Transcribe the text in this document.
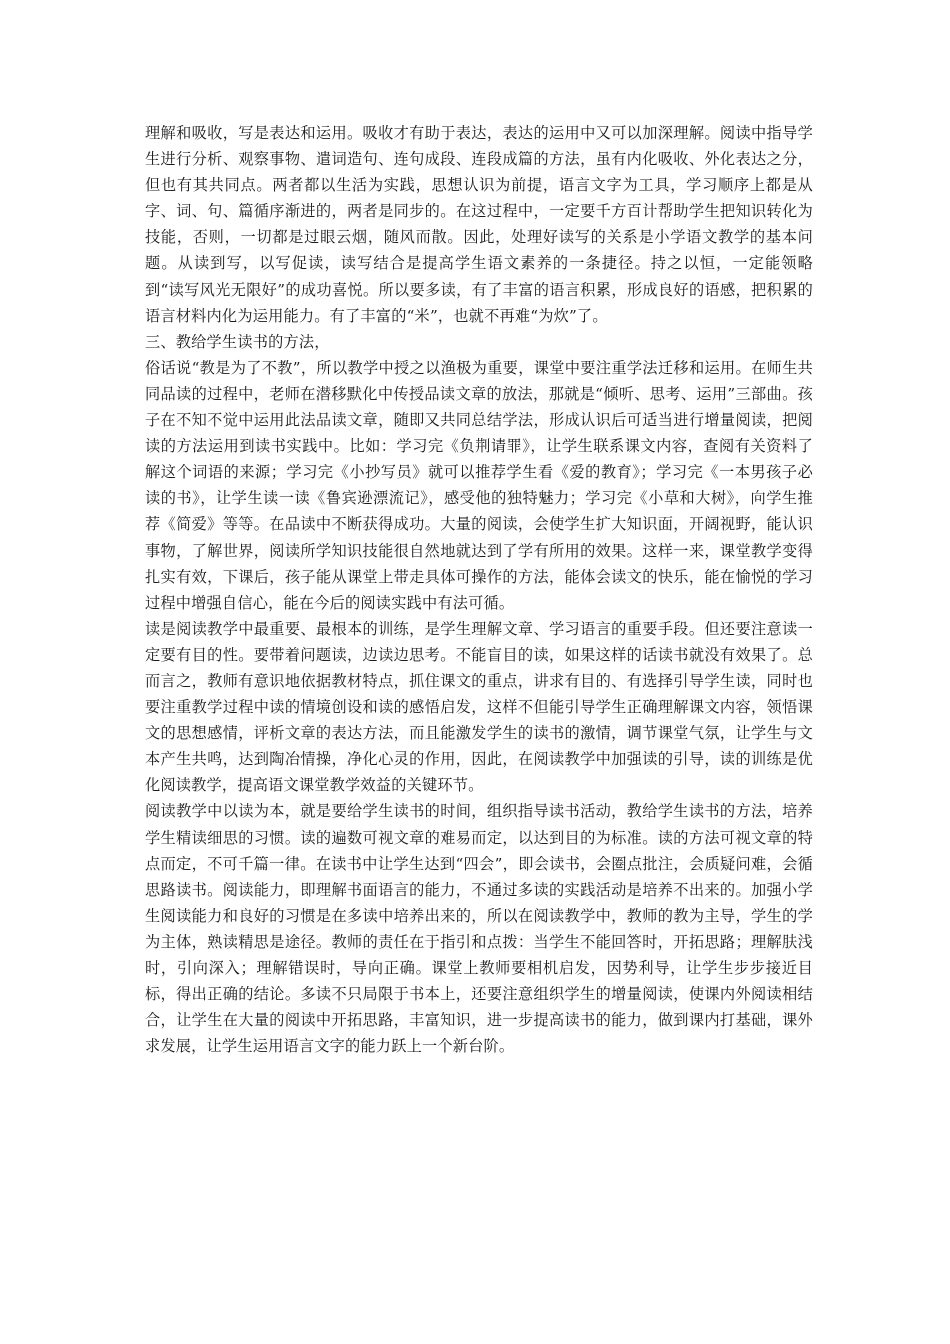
理解和吸收，写是表达和运用。吸收才有助于表达，表达的运用中又可以加深理解。阅读中指导学生进行分析、观察事物、遣词造句、连句成段、连段成篇的方法，虽有内化吸收、外化表达之分，但也有其共同点。两者都以生活为实践，思想认识为前提，语言文字为工具，学习顺序上都是从字、词、句、篇循序渐进的，两者是同步的。在这过程中，一定要千方百计帮助学生把知识转化为技能，否则，一切都是过眼云烟，随风而散。因此，处理好读写的关系是小学语文教学的基本问题。从读到写，以写促读，读写结合是提高学生语文素养的一条捷径。持之以恒，一定能领略到“读写风光无限好”的成功喜悦。所以要多读，有了丰富的语言积累，形成良好的语感，把积累的语言材料内化为运用能力。有了丰富的“米”，也就不再难“为炊”了。

三、教给学生读书的方法，

俗话说“教是为了不教”，所以教学中授之以渔极为重要，课堂中要注重学法迁移和运用。在师生共同品读的过程中，老师在潜移默化中传授品读文章的放法，那就是“倾听、思考、运用”三部曲。孩子在不知不觉中运用此法品读文章，随即又共同总结学法，形成认识后可适当进行增量阅读，把阅读的方法运用到读书实践中。比如：学习完《负荆请罪》，让学生联系课文内容，查阅有关资料了解这个词语的来源；学习完《小抄写员》就可以推荐学生看《爱的教育》；学习完《一本男孩子必读的书》，让学生读一读《鲁宾逊漂流记》，感受他的独特魅力；学习完《小草和大树》，向学生推荐《简爱》等等。在品读中不断获得成功。大量的阅读，会使学生扩大知识面，开阔视野，能认识事物，了解世界，阅读所学知识技能很自然地就达到了学有所用的效果。这样一来，课堂教学变得扎实有效，下课后，孩子能从课堂上带走具体可操作的方法，能体会读文的快乐，能在愉悦的学习过程中增强自信心，能在今后的阅读实践中有法可循。

读是阅读教学中最重要、最根本的训练，是学生理解文章、学习语言的重要手段。但还要注意读一定要有目的性。要带着问题读，边读边思考。不能盲目的读，如果这样的话读书就没有效果了。总而言之，教师有意识地依据教材特点，抓住课文的重点，讲求有目的、有选择引导学生读，同时也要注重教学过程中读的情境创设和读的感悟启发，这样不但能引导学生正确理解课文内容，领悟课文的思想感情，评析文章的表达方法，而且能激发学生的读书的激情，调节课堂气氛，让学生与文本产生共鸣，达到陶冶情操，净化心灵的作用，因此，在阅读教学中加强读的引导，读的训练是优化阅读教学，提高语文课堂教学效益的关键环节。

阅读教学中以读为本，就是要给学生读书的时间，组织指导读书活动，教给学生读书的方法，培养学生精读细思的习惯。读的遍数可视文章的难易而定，以达到目的为标准。读的方法可视文章的特点而定，不可千篇一律。在读书中让学生达到“四会”，即会读书，会圈点批注，会质疑问难，会循思路读书。阅读能力，即理解书面语言的能力，不通过多读的实践活动是培养不出来的。加强小学生阅读能力和良好的习惯是在多读中培养出来的，所以在阅读教学中，教师的教为主导，学生的学为主体，熟读精思是途径。教师的责任在于指引和点拨：当学生不能回答时，开拓思路；理解肤浅时，引向深入；理解错误时，导向正确。课堂上教师要相机启发，因势利导，让学生步步接近目标，得出正确的结论。多读不只局限于书本上，还要注意组织学生的增量阅读，使课内外阅读相结合，让学生在大量的阅读中开拓思路，丰富知识，进一步提高读书的能力，做到课内打基础，课外求发展，让学生运用语言文字的能力跃上一个新台阶。
